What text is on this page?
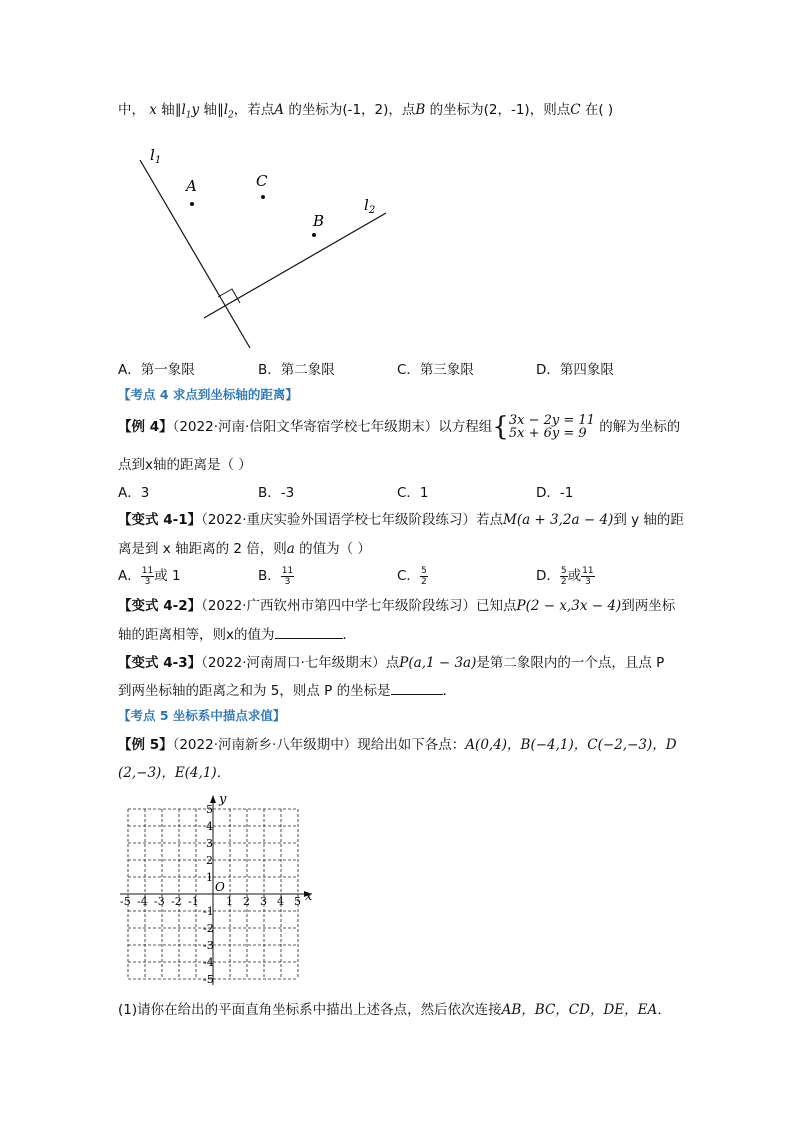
中， x 轴$\parallel l_1y$ 轴$\parallel l_2$，若点A 的坐标为(-1，2)，点B 的坐标为(2，-1)，则点C 在( )
$l_1$
$l_2$
A	C
B
A．第一象限	B．第二象限	C．第三象限	D．第四象限
【考点 4 求点到坐标轴的距离】
【例 4】（2022·河南·信阳文华寄宿学校七年级期末）以方程组{ 3x − 2y = 11
5x + 6y = 9 的解为坐标的
点到x轴的距离是（ ）
A．3	B．-3	C．1	D．-1
【变式 4-1】（2022·重庆实验外国语学校七年级阶段练习）若点M(a + 3,2a − 4)到 y 轴的距
离是到 x 轴距离的 2 倍，则a 的值为（ ）
A． $\frac{11}{3}$ 或 1	B． $\frac{11}{3}$	C． $\frac{5}{2}$	D． $\frac{5}{2}$ 或 $\frac{11}{3}$
【变式 4-2】（2022·广西钦州市第四中学七年级阶段练习）已知点P(2 − x,3x − 4)到两坐标
轴的距离相等，则x的值为	．
【变式 4-3】（2022·河南周口·七年级期末）点P(a,1 − 3a)是第二象限内的一个点，且点 P
到两坐标轴的距离之和为 5，则点 P 的坐标是	．
【考点 5 坐标系中描点求值】
【例 5】（2022·河南新乡·八年级期中）现给出如下各点：A(0,4)，B(−4,1)，C(−2,−3)，D
(2,−3)，E(4,1)．
x
y
O
-5 -4 -3 -2 -1 1 2 3 4 5
5
4
3
2
1
-1
-2
-3
-4
-5
(1)请你在给出的平面直角坐标系中描出上述各点，然后依次连接AB，BC，CD，DE，EA．
